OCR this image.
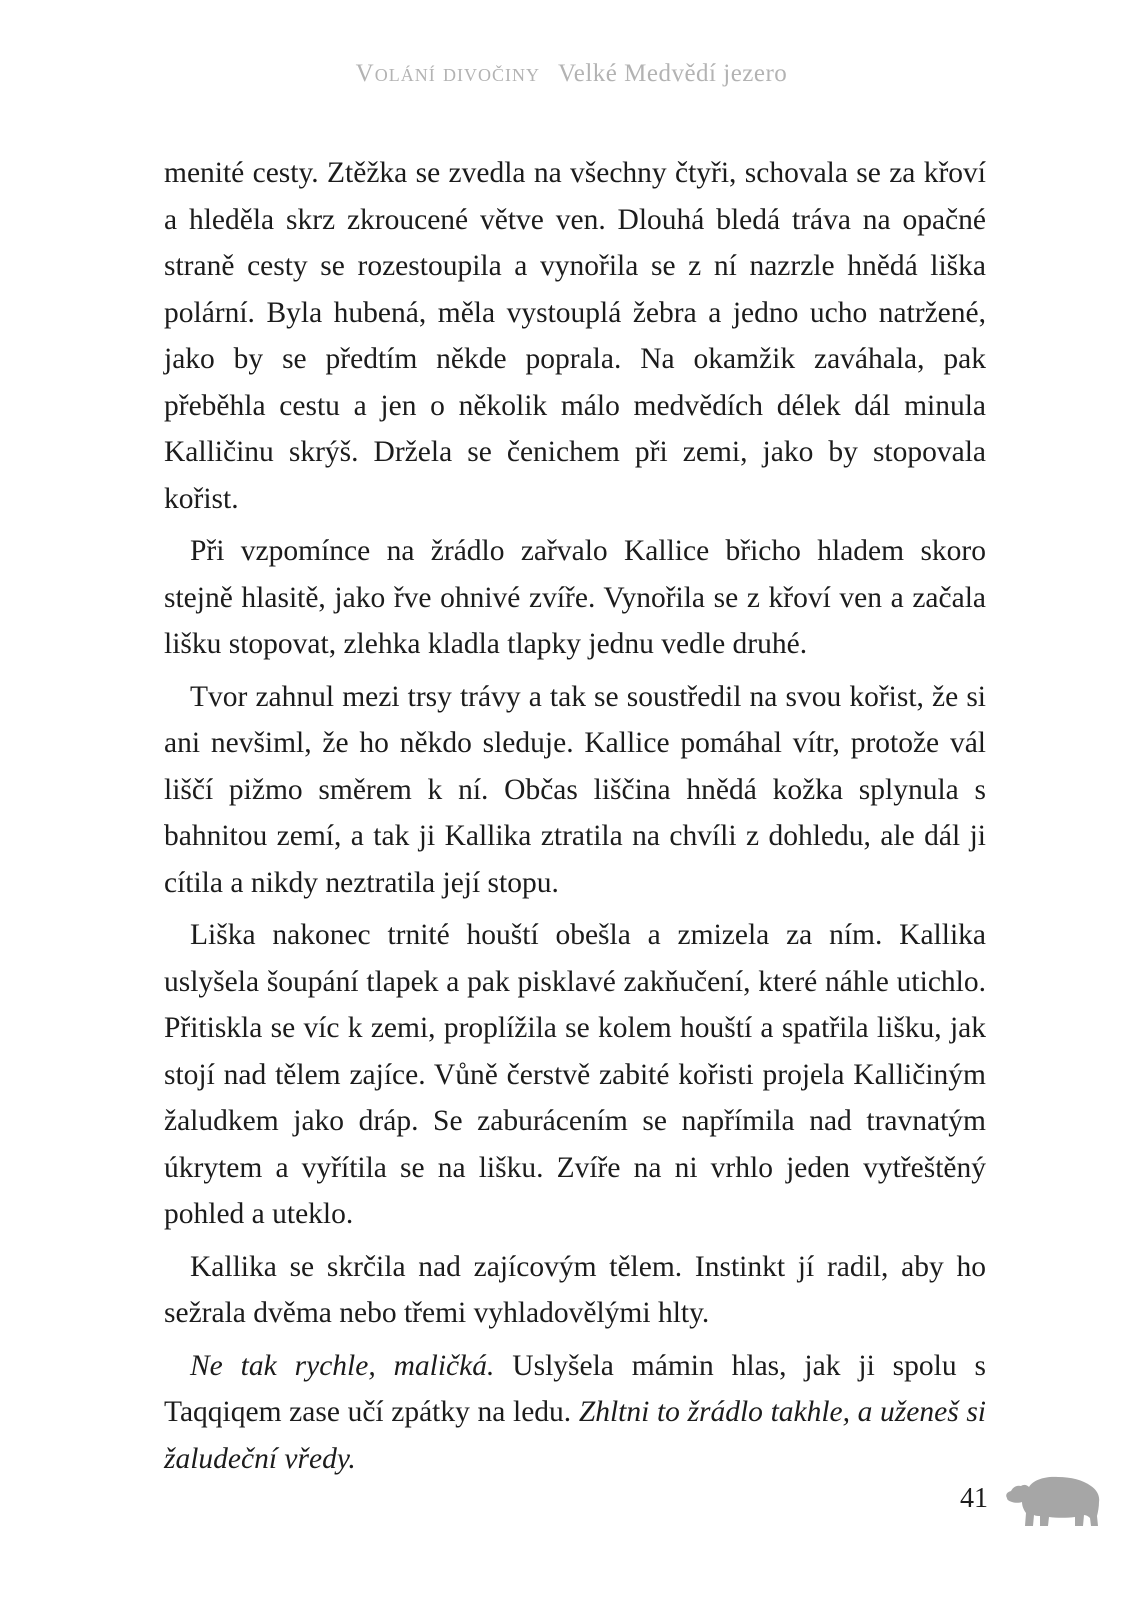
Volání divočiny Velké Medvědí jezero

menité cesty. Ztěžka se zvedla na všechny čtyři, schovala se za křoví a hleděla skrz zkroucené větve ven. Dlouhá bledá tráva na opačné straně cesty se rozestoupila a vynořila se z ní nazrzle hnědá liška polární. Byla hubená, měla vystouplá žebra a jedno ucho natržené, jako by se předtím někde poprala. Na okamžik zaváhala, pak přeběhla cestu a jen o několik málo medvědích délek dál minula Kalličinu skrýš. Držela se čenichem při zemi, jako by stopovala kořist.

Při vzpomínce na žrádlo zařvalo Kallice břicho hladem skoro stejně hlasitě, jako řve ohnivé zvíře. Vynořila se z křoví ven a začala lišku stopovat, zlehka kladla tlapky jednu vedle druhé.

Tvor zahnul mezi trsy trávy a tak se soustředil na svou kořist, že si ani nevšiml, že ho někdo sleduje. Kallice pomáhal vítr, protože vál liščí pižmo směrem k ní. Občas liščina hnědá kožka splynula s bahnitou zemí, a tak ji Kallika ztratila na chvíli z dohledu, ale dál ji cítila a nikdy neztratila její stopu.

Liška nakonec trnité houští obešla a zmizela za ním. Kallika uslyšela šoupání tlapek a pak pisklavé zakňučení, které náhle utichlo. Přitiskla se víc k zemi, proplížila se kolem houští a spatřila lišku, jak stojí nad tělem zajíce. Vůně čerstvě zabité kořisti projela Kalličiným žaludkem jako dráp. Se zaburácením se napřímila nad travnatým úkrytem a vyřítila se na lišku. Zvíře na ni vrhlo jeden vytřeštěný pohled a uteklo.

Kallika se skrčila nad zajícovým tělem. Instinkt jí radil, aby ho sežrala dvěma nebo třemi vyhladovělými hlty.

Ne tak rychle, maličká. Uslyšela mámin hlas, jak ji spolu s Taqqiqem zase učí zpátky na ledu. Zhltni to žrádlo takhle, a uženeš si žaludeční vředy.

41
